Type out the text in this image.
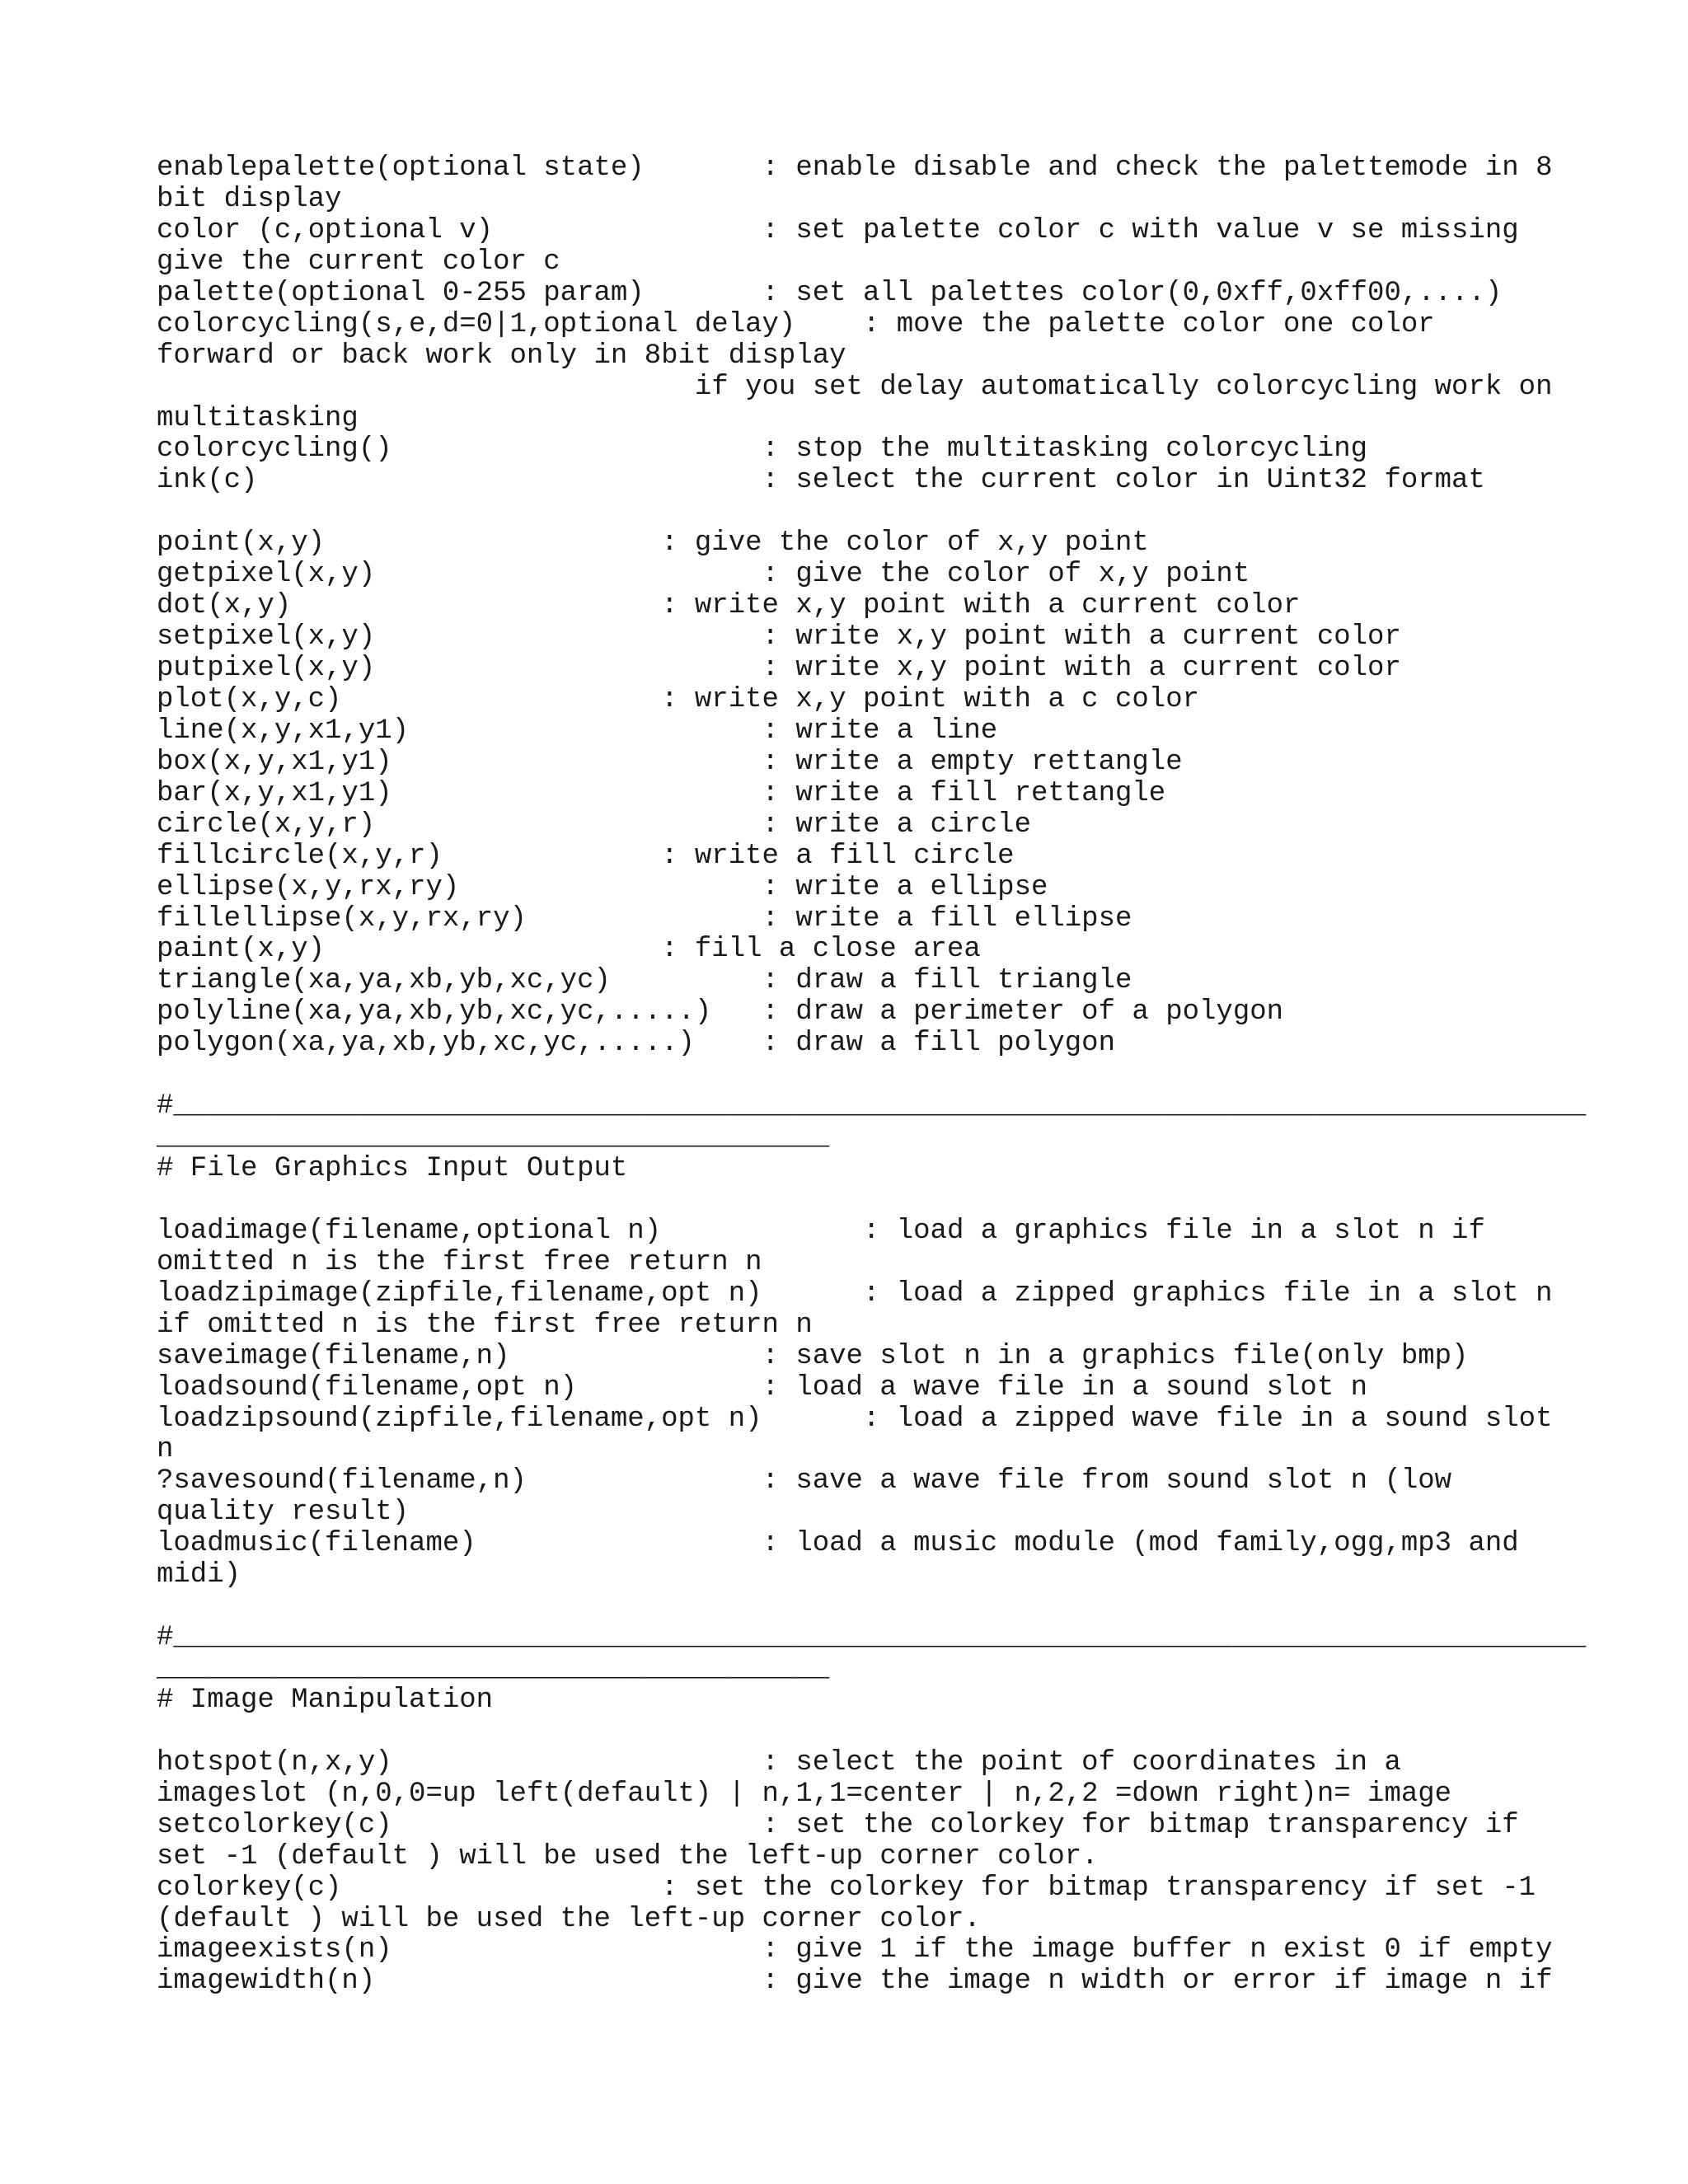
enablepalette(optional state)       : enable disable and check the palettemode in 8
bit display
color (c,optional v)                : set palette color c with value v se missing
give the current color c
palette(optional 0-255 param)       : set all palettes color(0,0xff,0xff00,....)
colorcycling(s,e,d=0|1,optional delay)    : move the palette color one color
forward or back work only in 8bit display
if you set delay automatically colorcycling work on
multitasking
colorcycling()                      : stop the multitasking colorcycling
ink(c)                              : select the current color in Uint32 format
point(x,y)                    : give the color of x,y point
getpixel(x,y)                       : give the color of x,y point
dot(x,y)                      : write x,y point with a current color
setpixel(x,y)                       : write x,y point with a current color
putpixel(x,y)                       : write x,y point with a current color
plot(x,y,c)                   : write x,y point with a c color
line(x,y,x1,y1)                     : write a line
box(x,y,x1,y1)                      : write a empty rettangle
bar(x,y,x1,y1)                      : write a fill rettangle
circle(x,y,r)                       : write a circle
fillcircle(x,y,r)             : write a fill circle
ellipse(x,y,rx,ry)                  : write a ellipse
fillellipse(x,y,rx,ry)              : write a fill ellipse
paint(x,y)                    : fill a close area
triangle(xa,ya,xb,yb,xc,yc)         : draw a fill triangle
polyline(xa,ya,xb,yb,xc,yc,.....)   : draw a perimeter of a polygon
polygon(xa,ya,xb,yb,xc,yc,.....)    : draw a fill polygon
#____________________________________________________________________________________
________________________________________
# File Graphics Input Output
loadimage(filename,optional n)            : load a graphics file in a slot n if
omitted n is the first free return n
loadzipimage(zipfile,filename,opt n)      : load a zipped graphics file in a slot n
if omitted n is the first free return n
saveimage(filename,n)               : save slot n in a graphics file(only bmp)
loadsound(filename,opt n)           : load a wave file in a sound slot n
loadzipsound(zipfile,filename,opt n)      : load a zipped wave file in a sound slot
n
?savesound(filename,n)              : save a wave file from sound slot n (low
quality result)
loadmusic(filename)                 : load a music module (mod family,ogg,mp3 and
midi)
#____________________________________________________________________________________
________________________________________
# Image Manipulation
hotspot(n,x,y)                      : select the point of coordinates in a
imageslot (n,0,0=up left(default) | n,1,1=center | n,2,2 =down right)n= image
setcolorkey(c)                      : set the colorkey for bitmap transparency if
set -1 (default ) will be used the left-up corner color.
colorkey(c)                   : set the colorkey for bitmap transparency if set -1
(default ) will be used the left-up corner color.
imageexists(n)                      : give 1 if the image buffer n exist 0 if empty
imagewidth(n)                       : give the image n width or error if image n if
